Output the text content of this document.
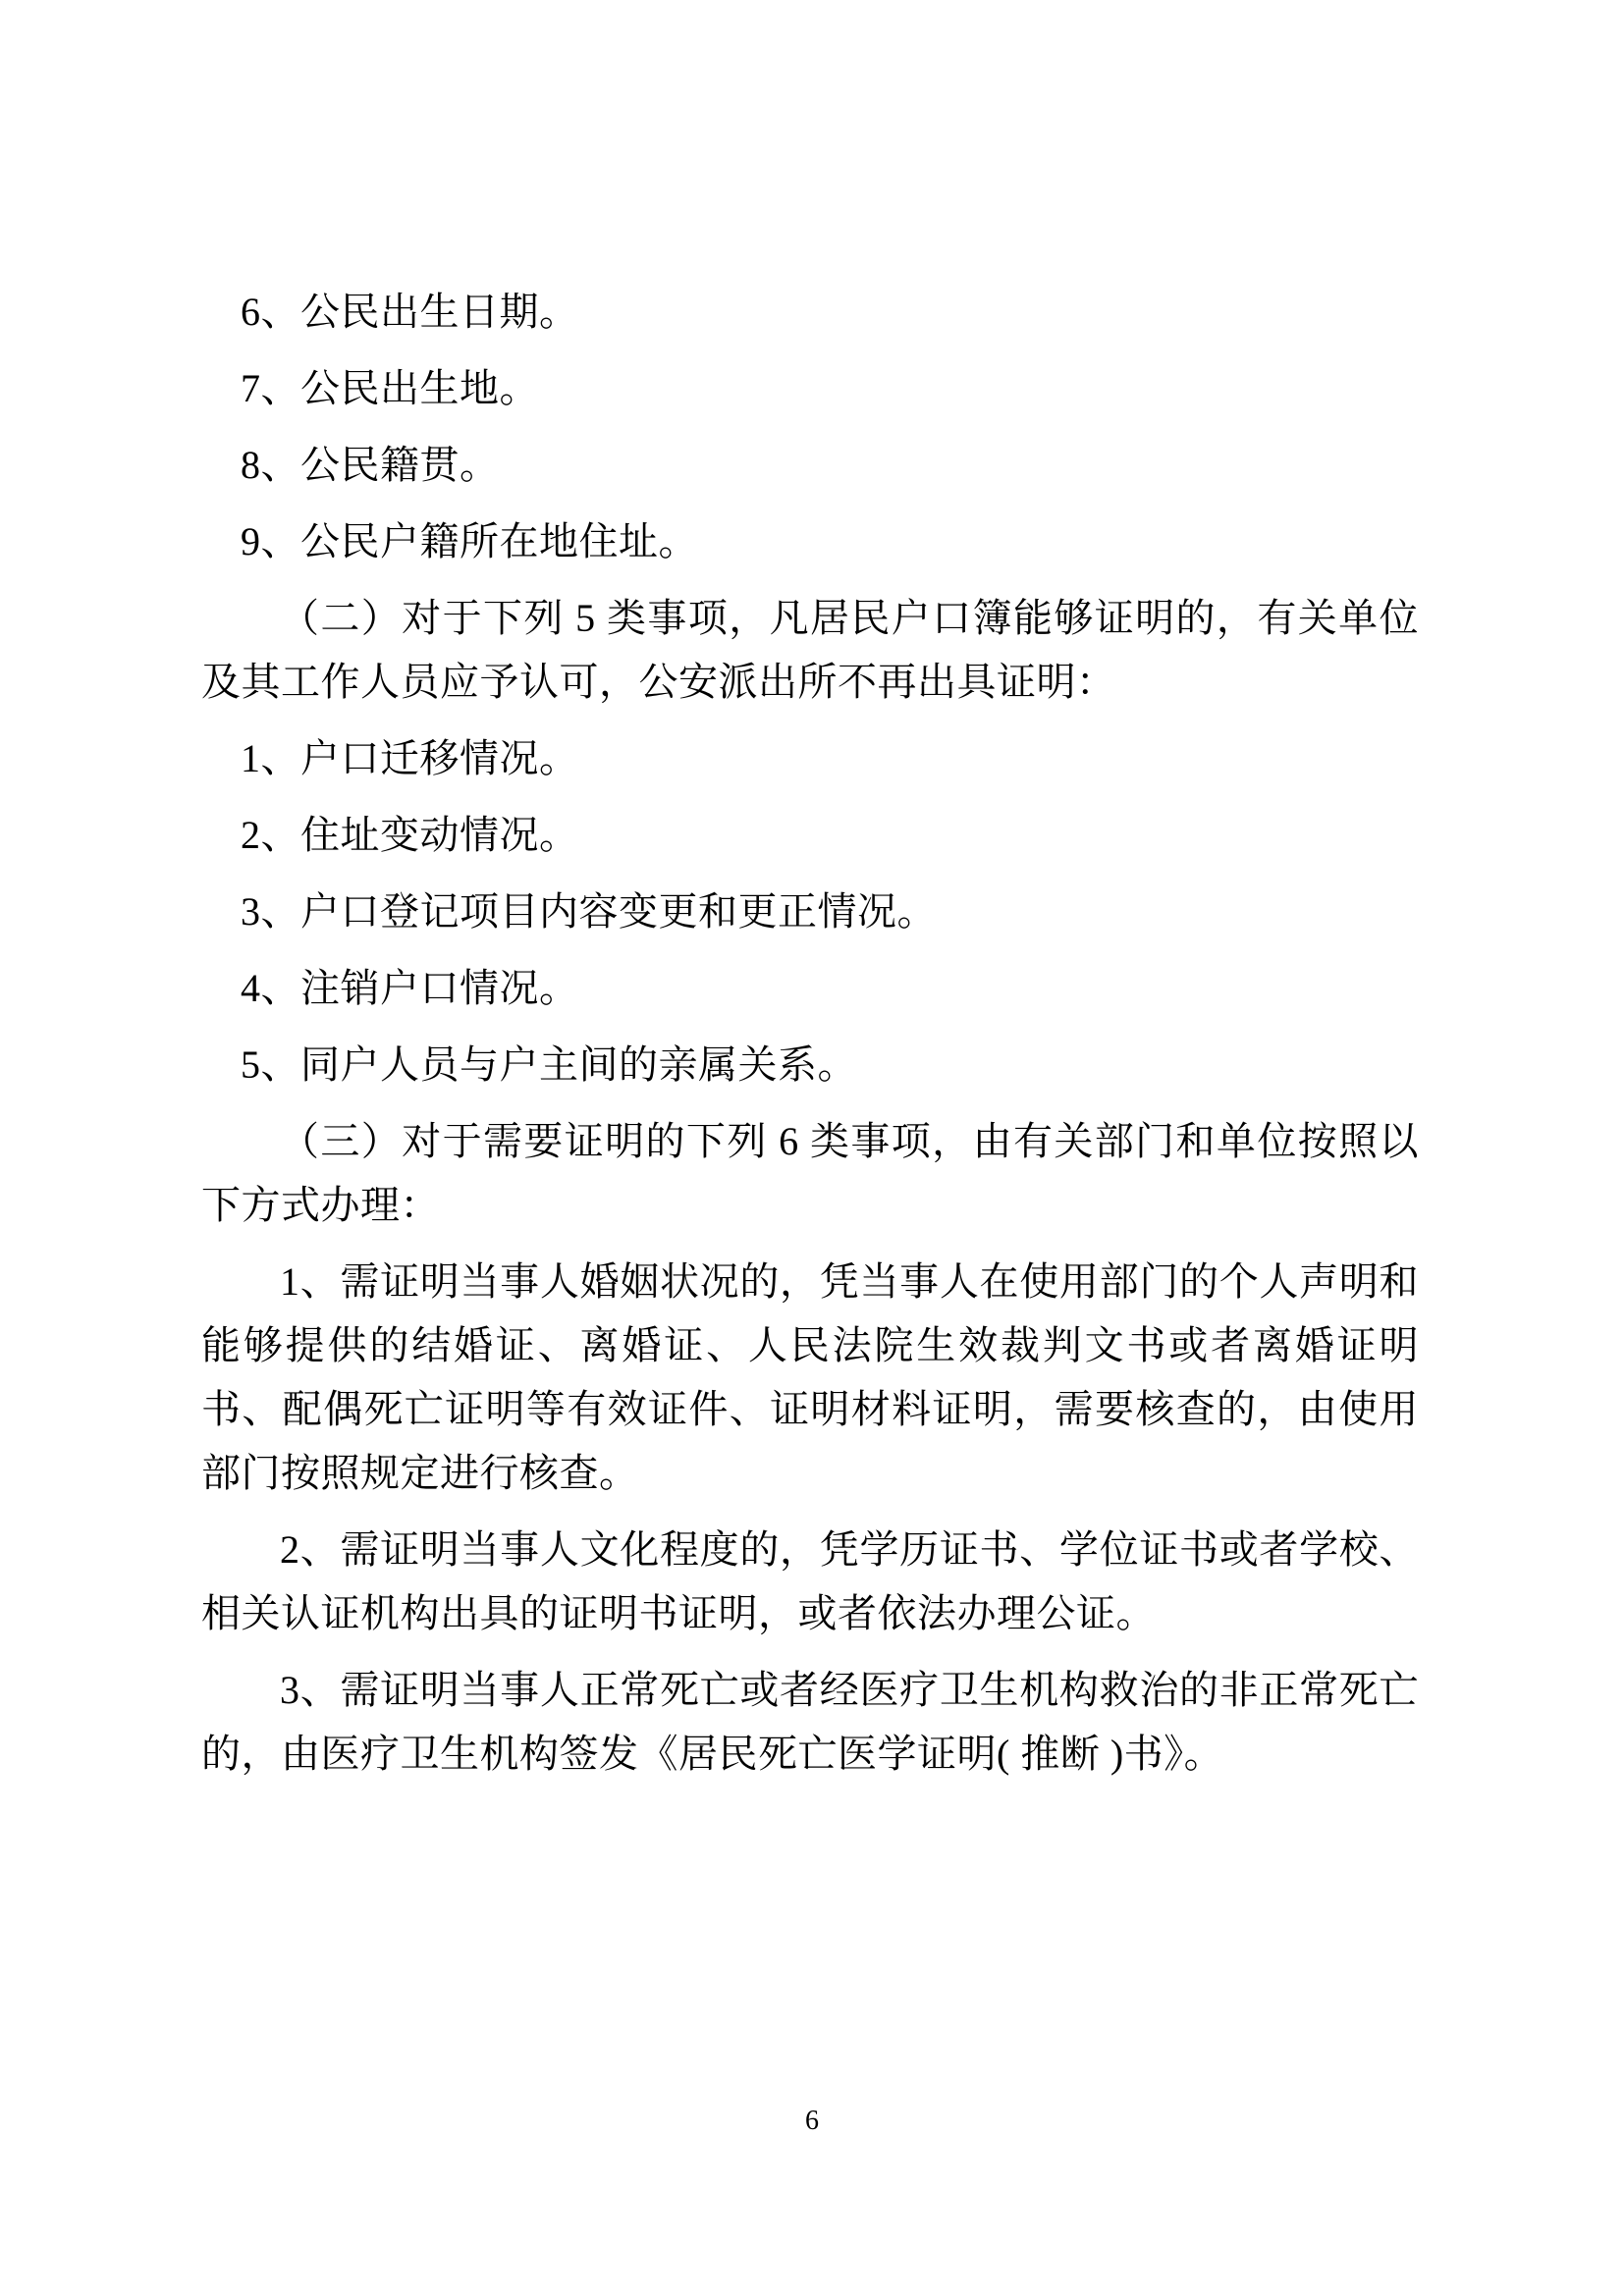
6、公民出生日期。

7、公民出生地。

8、公民籍贯。

9、公民户籍所在地住址。

（二）对于下列 5 类事项，凡居民户口簿能够证明的，有关单位及其工作人员应予认可，公安派出所不再出具证明：

1、户口迁移情况。

2、住址变动情况。

3、户口登记项目内容变更和更正情况。

4、注销户口情况。

5、同户人员与户主间的亲属关系。

（三）对于需要证明的下列 6 类事项，由有关部门和单位按照以下方式办理：

1、需证明当事人婚姻状况的，凭当事人在使用部门的个人声明和能够提供的结婚证、离婚证、人民法院生效裁判文书或者离婚证明书、配偶死亡证明等有效证件、证明材料证明，需要核查的，由使用部门按照规定进行核查。

2、需证明当事人文化程度的，凭学历证书、学位证书或者学校、相关认证机构出具的证明书证明，或者依法办理公证。

3、需证明当事人正常死亡或者经医疗卫生机构救治的非正常死亡的，由医疗卫生机构签发《居民死亡医学证明( 推断 )书》。

6
